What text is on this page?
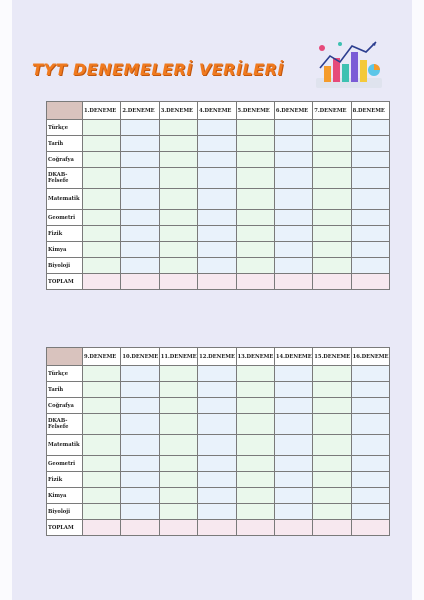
TYT DENEMELERİ VERİLERİ
	1.DENEME	2.DENEME	3.DENEME	4.DENEME	5.DENEME	6.DENEME	7.DENEME	8.DENEME
Türkçe								
Tarih								
Coğrafya								
DKAB-Felsefe								
Matematik								
Geometri								
Fizik								
Kimya								
Biyoloji								
TOPLAM								
	9.DENEME	10.DENEME	11.DENEME	12.DENEME	13.DENEME	14.DENEME	15.DENEME	16.DENEME
Türkçe								
Tarih								
Coğrafya								
DKAB-Felsefe								
Matematik								
Geometri								
Fizik								
Kimya								
Biyoloji								
TOPLAM								
